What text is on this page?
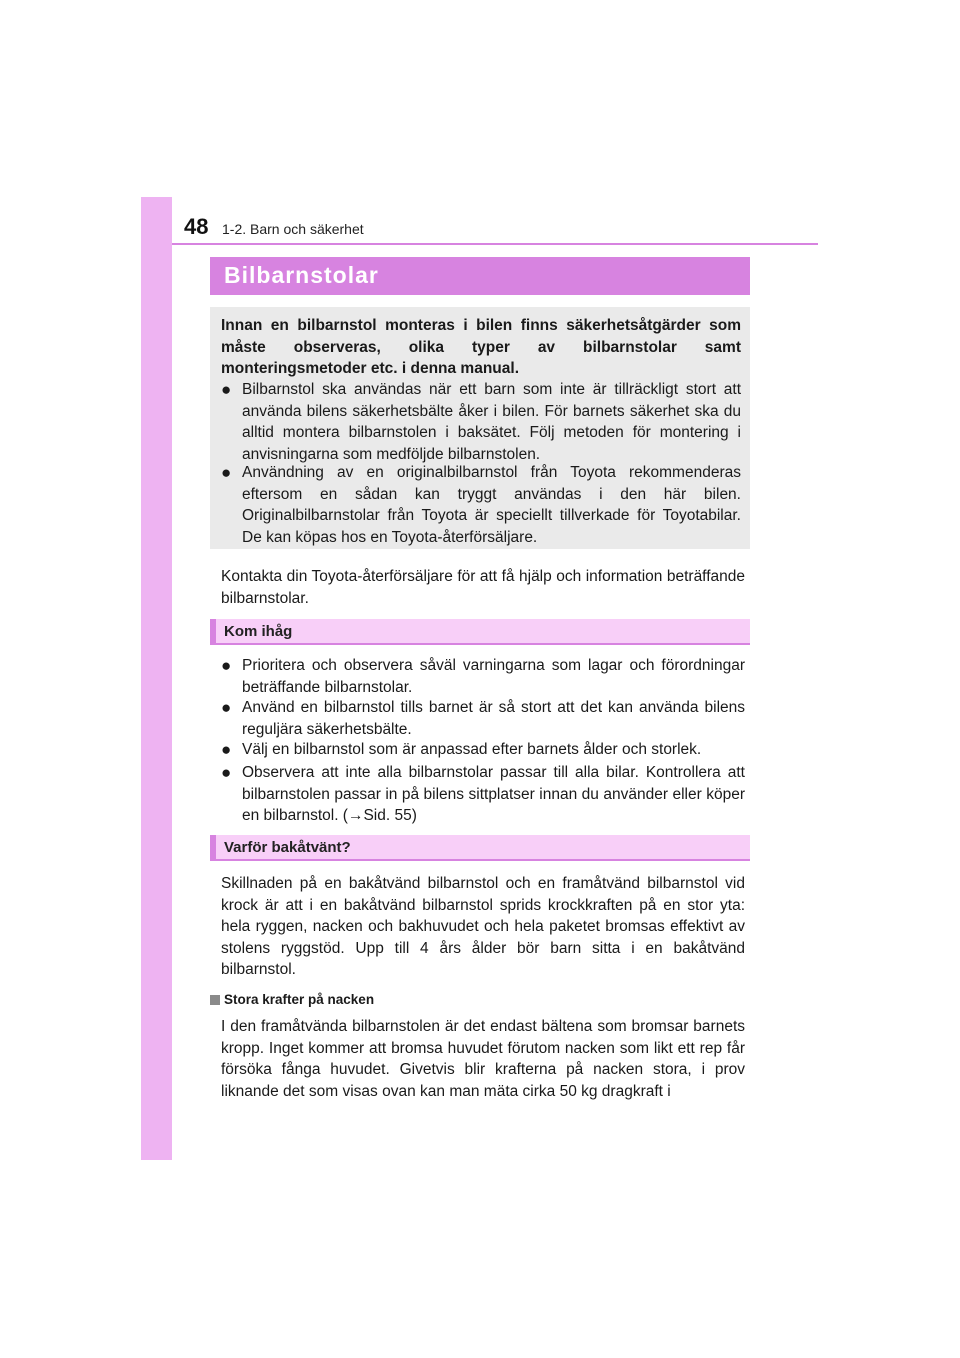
48 1-2. Barn och säkerhet
Bilbarnstolar
Innan en bilbarnstol monteras i bilen finns säkerhetsåtgärder som måste observeras, olika typer av bilbarnstolar samt monteringsmetoder etc. i denna manual.
● Bilbarnstol ska användas när ett barn som inte är tillräckligt stort att använda bilens säkerhetsbälte åker i bilen. För barnets säkerhet ska du alltid montera bilbarnstolen i baksätet. Följ metoden för montering i anvisningarna som medföljde bilbarnstolen.
● Användning av en originalbilbarnstol från Toyota rekommenderas eftersom en sådan kan tryggt användas i den här bilen. Originalbilbarnstolar från Toyota är speciellt tillverkade för Toyotabilar. De kan köpas hos en Toyota-återförsäljare.
Kontakta din Toyota-återförsäljare för att få hjälp och information beträffande bilbarnstolar.
Kom ihåg
● Prioritera och observera såväl varningarna som lagar och förordningar beträffande bilbarnstolar.
● Använd en bilbarnstol tills barnet är så stort att det kan använda bilens reguljära säkerhetsbälte.
● Välj en bilbarnstol som är anpassad efter barnets ålder och storlek.
● Observera att inte alla bilbarnstolar passar till alla bilar. Kontrollera att bilbarnstolen passar in på bilens sittplatser innan du använder eller köper en bilbarnstol. (→Sid. 55)
Varför bakåtvänt?
Skillnaden på en bakåtvänd bilbarnstol och en framåtvänd bilbarnstol vid krock är att i en bakåtvänd bilbarnstol sprids krockkraften på en stor yta: hela ryggen, nacken och bakhuvudet och hela paketet bromsas effektivt av stolens ryggstöd. Upp till 4 års ålder bör barn sitta i en bakåtvänd bilbarnstol.
Stora krafter på nacken
I den framåtvända bilbarnstolen är det endast bältena som bromsar barnets kropp. Inget kommer att bromsa huvudet förutom nacken som likt ett rep får försöka fånga huvudet. Givetvis blir krafterna på nacken stora, i prov liknande det som visas ovan kan man mäta cirka 50 kg dragkraft i
